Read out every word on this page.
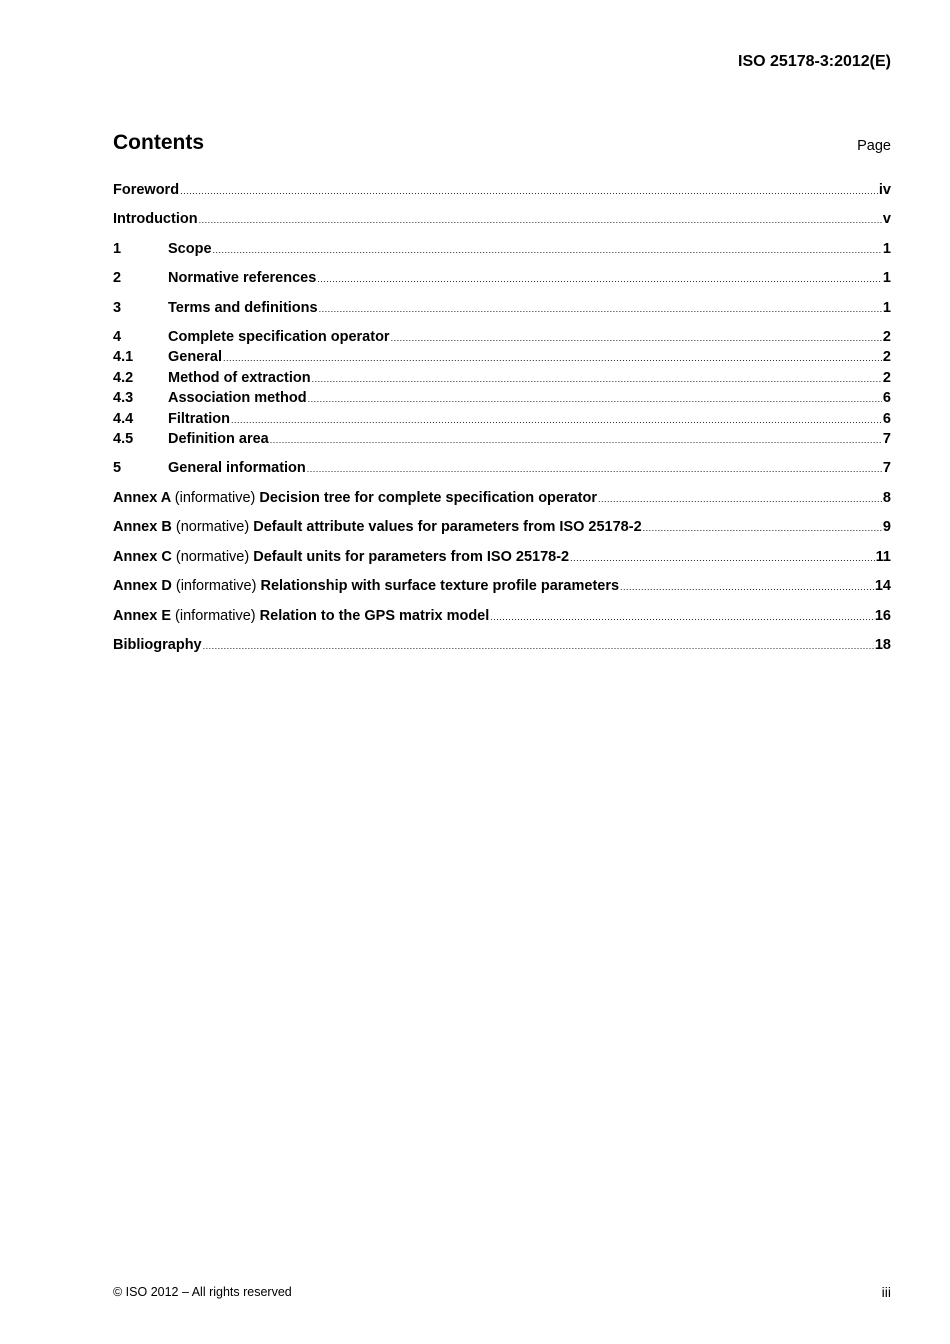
ISO 25178-3:2012(E)
Contents	Page
Foreword .....	iv
Introduction .....	v
1	Scope .....	1
2	Normative references .....	1
3	Terms and definitions .....	1
4	Complete specification operator .....	2
4.1	General .....	2
4.2	Method of extraction .....	2
4.3	Association method .....	6
4.4	Filtration .....	6
4.5	Definition area .....	7
5	General information .....	7
Annex A (informative) Decision tree for complete specification operator .....	8
Annex B (normative) Default attribute values for parameters from ISO 25178-2 .....	9
Annex C (normative) Default units for parameters from ISO 25178-2 .....	11
Annex D (informative) Relationship with surface texture profile parameters .....	14
Annex E (informative) Relation to the GPS matrix model .....	16
Bibliography .....	18
© ISO 2012 – All rights reserved	iii
